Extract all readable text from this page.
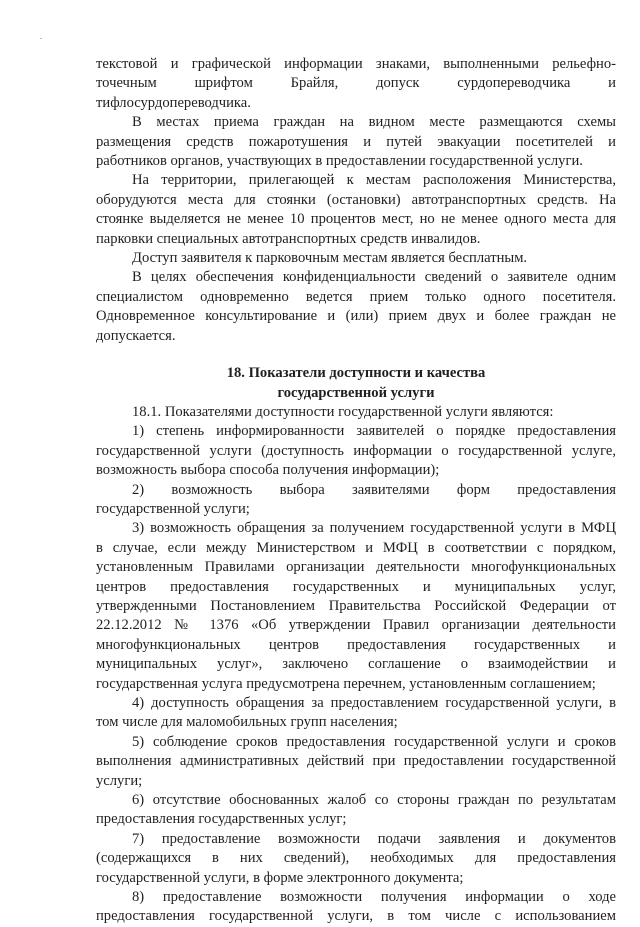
текстовой и графической информации знаками, выполненными рельефно-
точечным шрифтом Брайля, допуск сурдопереводчика и
тифлосурдопереводчика.
В местах приема граждан на видном месте размещаются схемы
размещения средств пожаротушения и путей эвакуации посетителей и
работников органов, участвующих в предоставлении государственной услуги.
На территории, прилегающей к местам расположения Министерства,
оборудуются места для стоянки (остановки) автотранспортных средств. На
стоянке выделяется не менее 10 процентов мест, но не менее одного места для
парковки специальных автотранспортных средств инвалидов.
Доступ заявителя к парковочным местам является бесплатным.
В целях обеспечения конфиденциальности сведений о заявителе одним
специалистом одновременно ведется прием только одного посетителя.
Одновременное консультирование и (или) прием двух и более граждан не
допускается.
18. Показатели доступности и качества
государственной услуги
18.1. Показателями доступности государственной услуги являются:
1) степень информированности заявителей о порядке предоставления
государственной услуги (доступность информации о государственной услуге,
возможность выбора способа получения информации);
2) возможность выбора заявителями форм предоставления
государственной услуги;
3) возможность обращения за получением государственной услуги в МФЦ
в случае, если между Министерством и МФЦ в соответствии с порядком,
установленным Правилами организации деятельности многофункциональных
центров предоставления государственных и муниципальных услуг,
утвержденными Постановлением Правительства Российской Федерации от
22.12.2012 № 1376 «Об утверждении Правил организации деятельности
многофункциональных центров предоставления государственных и
муниципальных услуг», заключено соглашение о взаимодействии и
государственная услуга предусмотрена перечнем, установленным соглашением;
4) доступность обращения за предоставлением государственной услуги, в
том числе для маломобильных групп населения;
5) соблюдение сроков предоставления государственной услуги и сроков
выполнения административных действий при предоставлении государственной
услуги;
6) отсутствие обоснованных жалоб со стороны граждан по результатам
предоставления государственных услуг;
7) предоставление возможности подачи заявления и документов
(содержащихся в них сведений), необходимых для предоставления
государственной услуги, в форме электронного документа;
8) предоставление возможности получения информации о ходе
предоставления государственной услуги, в том числе с использованием
